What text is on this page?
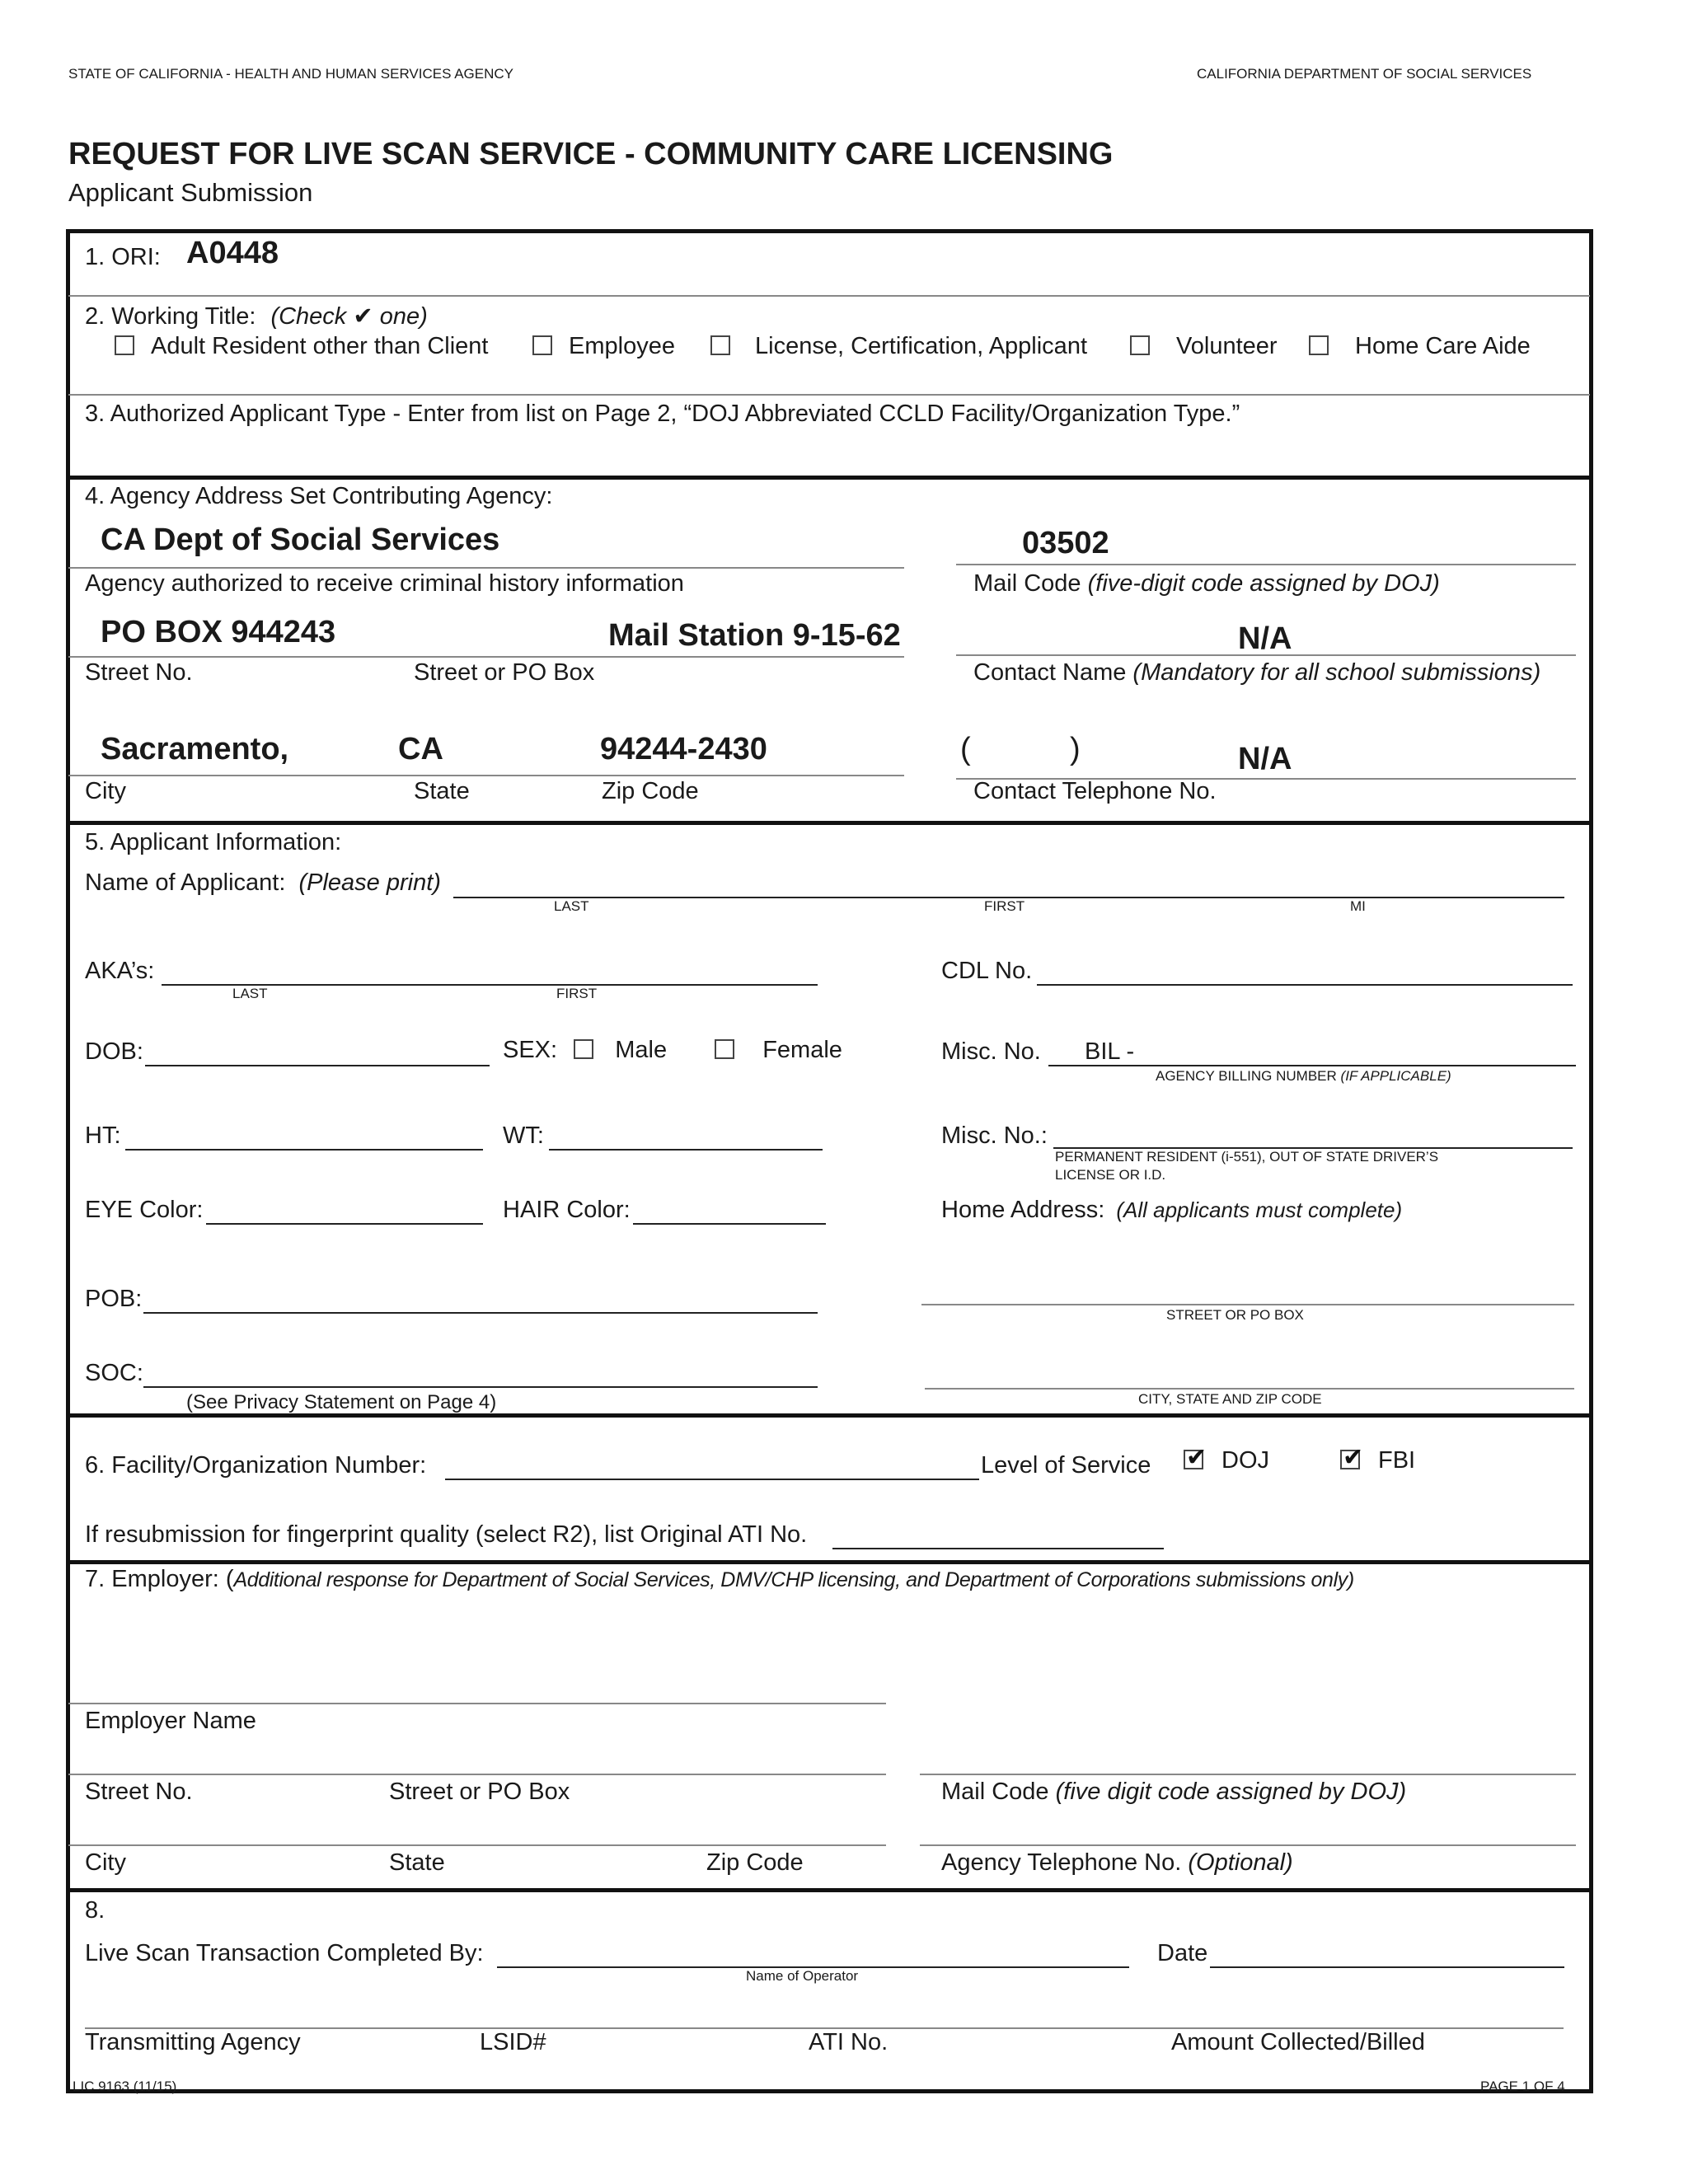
STATE OF CALIFORNIA - HEALTH AND HUMAN SERVICES AGENCY	CALIFORNIA DEPARTMENT OF SOCIAL SERVICES
REQUEST FOR LIVE SCAN SERVICE - COMMUNITY CARE LICENSING
Applicant Submission
1. ORI: A0448
2. Working Title: (Check ✔ one)
Adult Resident other than Client	Employee	License, Certification, Applicant	Volunteer	Home Care Aide
3. Authorized Applicant Type - Enter from list on Page 2, “DOJ Abbreviated CCLD Facility/Organization Type.”
4. Agency Address Set Contributing Agency:
CA Dept of Social Services	03502
Agency authorized to receive criminal history information	Mail Code (five-digit code assigned by DOJ)
PO BOX 944243	Mail Station 9-15-62	N/A
Street No.	Street or PO Box	Contact Name (Mandatory for all school submissions)
Sacramento,	CA	94244-2430	(	)	N/A
City	State	Zip Code	Contact Telephone No.
5. Applicant Information:
Name of Applicant: (Please print)
LAST	FIRST	MI
AKA’s:
LAST	FIRST
CDL No.
DOB:	SEX: Male	Female	Misc. No. BIL -
AGENCY BILLING NUMBER (IF APPLICABLE)
HT:	WT:	Misc. No.:
PERMANENT RESIDENT (i-551), OUT OF STATE DRIVER’S
LICENSE OR I.D.
EYE Color:	HAIR Color:	Home Address: (All applicants must complete)
POB:
STREET OR PO BOX
SOC:
(See Privacy Statement on Page 4)	CITY, STATE AND ZIP CODE
6. Facility/Organization Number:	Level of Service ✔	DOJ ✔	FBI
If resubmission for fingerprint quality (select R2), list Original ATI No.
7. Employer: (Additional response for Department of Social Services, DMV/CHP licensing, and Department of Corporations submissions only)
Employer Name
Street No.	Street or PO Box	Mail Code (five digit code assigned by DOJ)
City	State	Zip Code	Agency Telephone No. (Optional)
8.
Live Scan Transaction Completed By:
Name of Operator
Date
Transmitting Agency	LSID#	ATI No.	Amount Collected/Billed
LIC 9163 (11/15)	PAGE 1 OF 4
